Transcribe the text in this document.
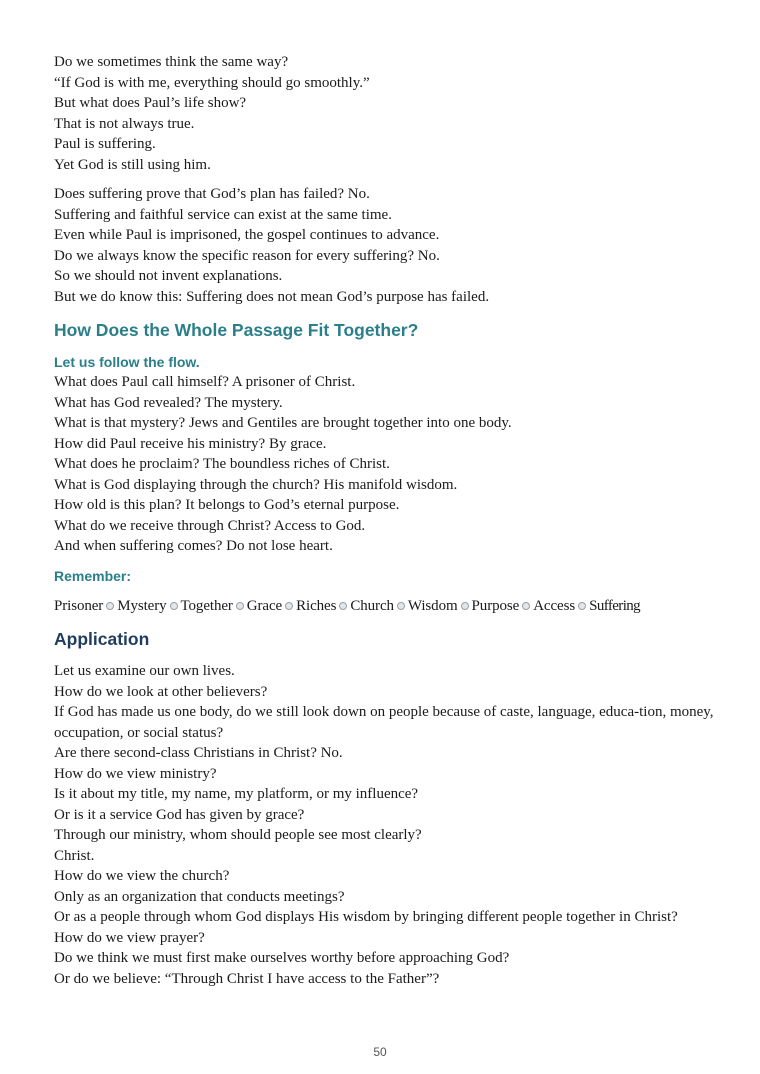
Do we sometimes think the same way?
“If God is with me, everything should go smoothly.”
But what does Paul’s life show?
That is not always true.
Paul is suffering.
Yet God is still using him.
Does suffering prove that God’s plan has failed? No.
Suffering and faithful service can exist at the same time.
Even while Paul is imprisoned, the gospel continues to advance.
Do we always know the specific reason for every suffering? No.
So we should not invent explanations.
But we do know this: Suffering does not mean God’s purpose has failed.
How Does the Whole Passage Fit Together?
Let us follow the flow.
What does Paul call himself? A prisoner of Christ.
What has God revealed? The mystery.
What is that mystery? Jews and Gentiles are brought together into one body.
How did Paul receive his ministry? By grace.
What does he proclaim? The boundless riches of Christ.
What is God displaying through the church? His manifold wisdom.
How old is this plan? It belongs to God’s eternal purpose.
What do we receive through Christ? Access to God.
And when suffering comes? Do not lose heart.
Remember:
Prisoner Mystery Together Grace Riches Church Wisdom Purpose Access Suffering
Application
Let us examine our own lives.
How do we look at other believers?
If God has made us one body, do we still look down on people because of caste, language, educa-tion, money, occupation, or social status?
Are there second-class Christians in Christ? No.
How do we view ministry?
Is it about my title, my name, my platform, or my influence?
Or is it a service God has given by grace?
Through our ministry, whom should people see most clearly?
Christ.
How do we view the church?
Only as an organization that conducts meetings?
Or as a people through whom God displays His wisdom by bringing different people together in Christ?
How do we view prayer?
Do we think we must first make ourselves worthy before approaching God?
Or do we believe: “Through Christ I have access to the Father”?
50
